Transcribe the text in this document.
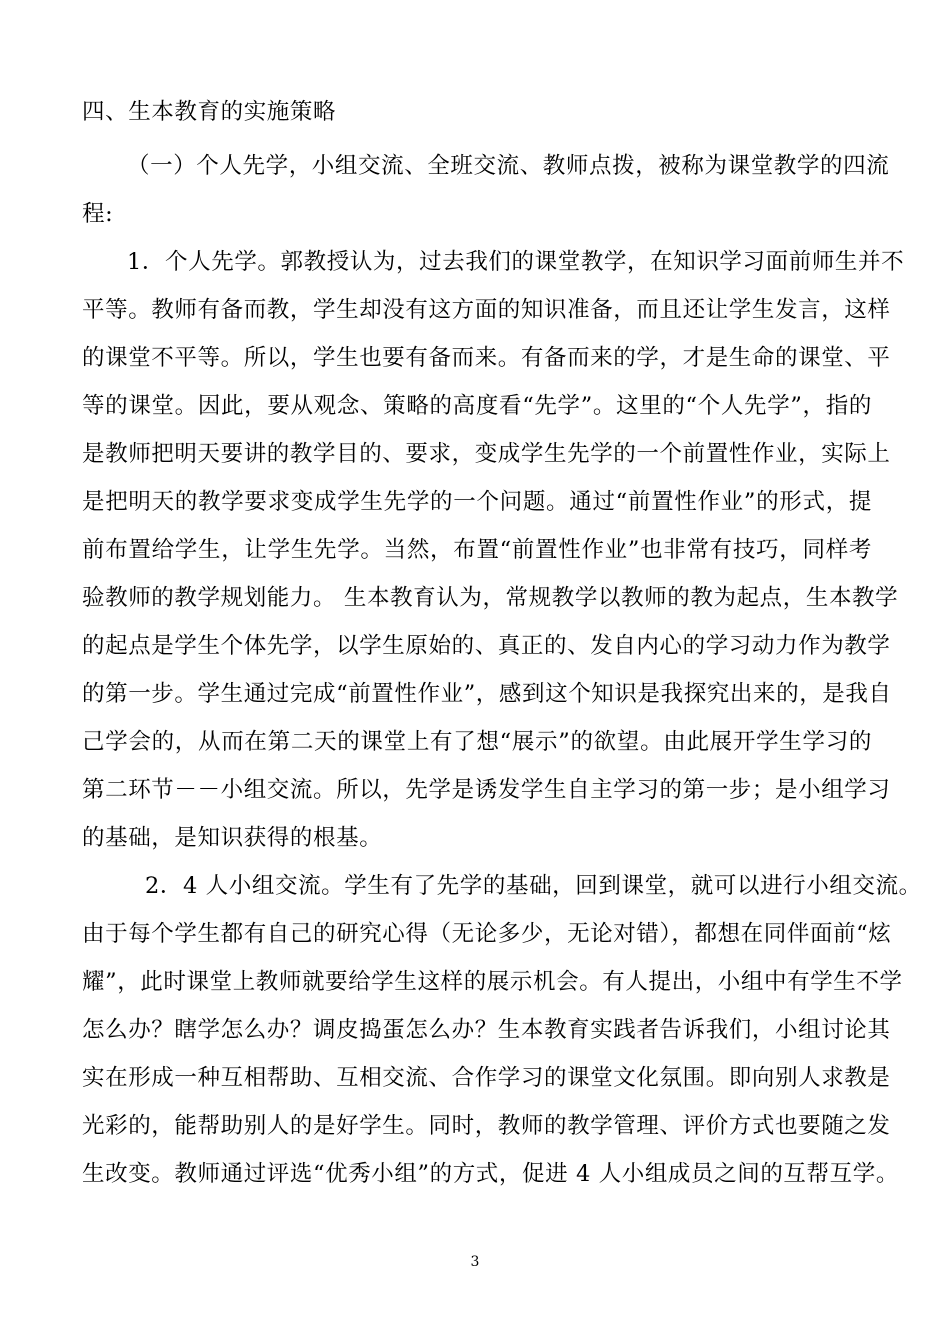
四、生本教育的实施策略
（一）个人先学，小组交流、全班交流、教师点拨，被称为课堂教学的四流
程:
1．个人先学。郭教授认为，过去我们的课堂教学，在知识学习面前师生并不
平等。教师有备而教，学生却没有这方面的知识准备，而且还让学生发言，这样
的课堂不平等。所以，学生也要有备而来。有备而来的学，才是生命的课堂、平
等的课堂。因此，要从观念、策略的高度看“先学”。这里的“个人先学”，指的
是教师把明天要讲的教学目的、要求，变成学生先学的一个前置性作业，实际上
是把明天的教学要求变成学生先学的一个问题。通过“前置性作业”的形式，提
前布置给学生，让学生先学。当然，布置“前置性作业”也非常有技巧，同样考
验教师的教学规划能力。 生本教育认为，常规教学以教师的教为起点，生本教学
的起点是学生个体先学，以学生原始的、真正的、发自内心的学习动力作为教学
的第一步。学生通过完成“前置性作业”，感到这个知识是我探究出来的，是我自
己学会的，从而在第二天的课堂上有了想“展示”的欲望。由此展开学生学习的
第二环节－－小组交流。所以，先学是诱发学生自主学习的第一步；是小组学习
的基础，是知识获得的根基。
2．4 人小组交流。学生有了先学的基础，回到课堂，就可以进行小组交流。
由于每个学生都有自己的研究心得（无论多少，无论对错），都想在同伴面前“炫
耀”，此时课堂上教师就要给学生这样的展示机会。有人提出，小组中有学生不学
怎么办？瞎学怎么办？调皮捣蛋怎么办？生本教育实践者告诉我们，小组讨论其
实在形成一种互相帮助、互相交流、合作学习的课堂文化氛围。即向别人求教是
光彩的，能帮助别人的是好学生。同时，教师的教学管理、评价方式也要随之发
生改变。教师通过评选“优秀小组”的方式，促进 4 人小组成员之间的互帮互学。
3
